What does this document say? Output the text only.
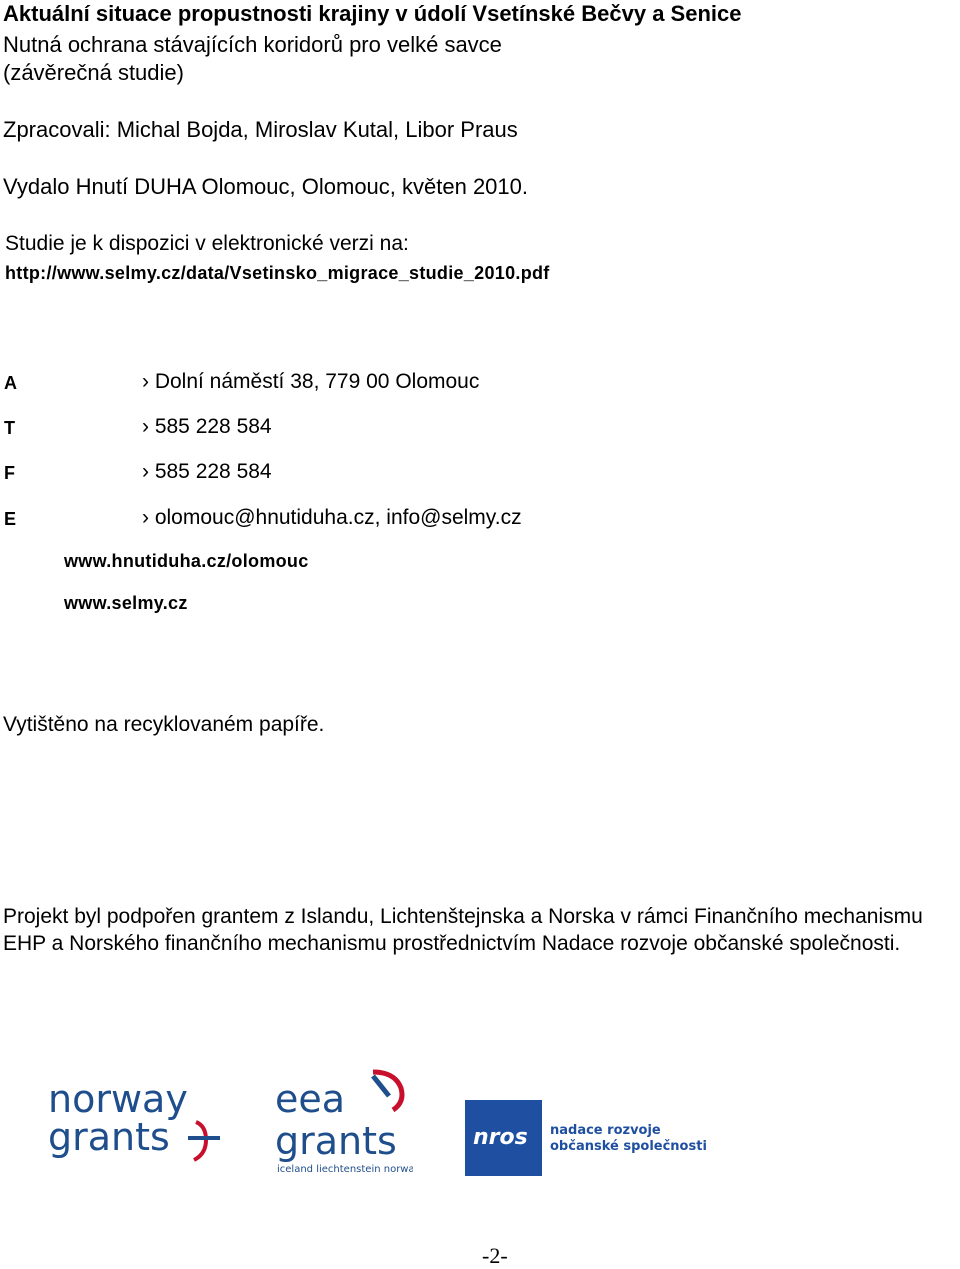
Aktuální situace propustnosti krajiny v údolí Vsetínské Bečvy a Senice
Nutná ochrana stávajících koridorů pro velké savce
(závěrečná studie)
Zpracovali: Michal Bojda, Miroslav Kutal, Libor Praus
Vydalo Hnutí DUHA Olomouc, Olomouc, květen 2010.
Studie je k dispozici v elektronické verzi na:
http://www.selmy.cz/data/Vsetinsko_migrace_studie_2010.pdf
A	› Dolní náměstí 38, 779 00 Olomouc
T	› 585 228 584
F	› 585 228 584
E	› olomouc@hnutiduha.cz, info@selmy.cz
www.hnutiduha.cz/olomouc
www.selmy.cz
Vytištěno na recyklovaném papíře.
Projekt byl podpořen grantem z Islandu, Lichtenštejnska a Norska v rámci Finančního mechanismu EHP a Norského finančního mechanismu prostřednictvím Nadace rozvoje občanské společnosti.
norway
grants
eea
grants
iceland liechtenstein norway
nros nadace rozvoje
občanské společnosti
-2-
